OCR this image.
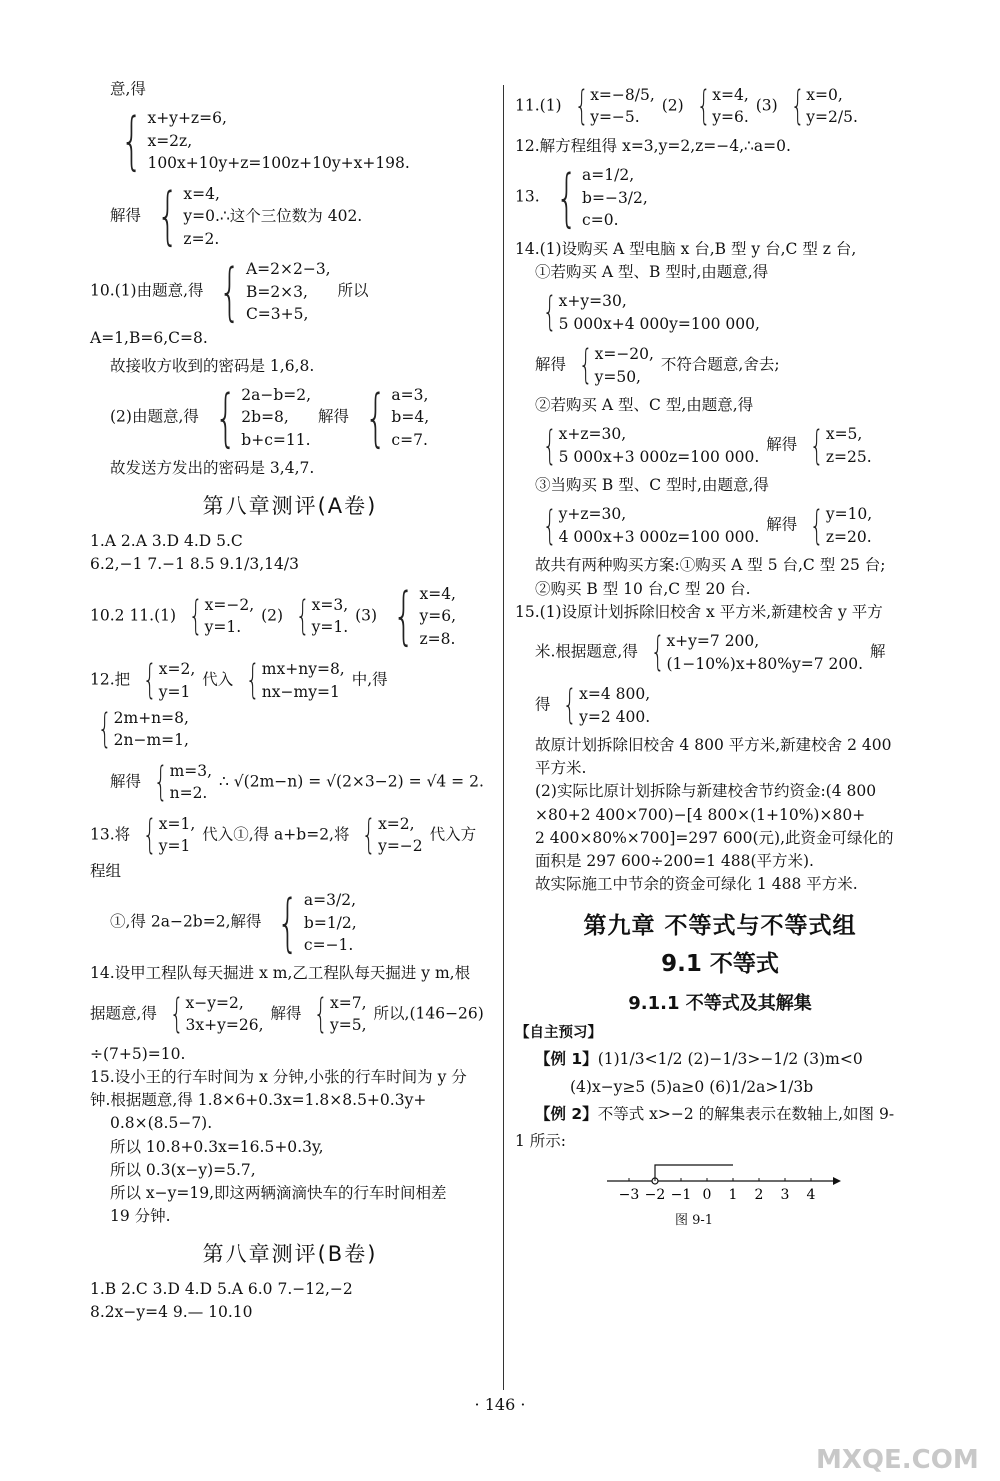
意,得

{ x+y+z=6,
x=2z,
100x+10y+z=100z+10y+x+198.
解得
{ x=4,
y=0.∴这个三位数为 402.
z=2.
10.(1)由题意,得
{ A=2×2−3,
B=2×3,
C=3+5,
所以 A=1,B=6,C=8.

故接收方收到的密码是 1,6,8.

(2)由题意,得
{ 2a−b=2,
2b=8,
b+c=11.
解得
{ a=3,
b=4,
c=7.

故发送方发出的密码是 3,4,7.

第八章测评(A卷)

1.A 2.A 3.D 4.D 5.C

6.2,−1 7.−1 8.5 9.1/3,14/3

10.2 11.(1)
{ x=−2,
y=1.
(2)
{ x=3,
y=1.
(3)
{ x=4,
y=6,
z=8.
12.把
{ x=2,
y=1
代入
{ mx+ny=8,
nx−my=1
中,得
{ 2m+n=8,
2n−m=1,
解得
{ m=3,
n=2.
∴ √(2m−n) = √(2×3−2) = √4 = 2.
13.将
{ x=1,
y=1
代入①,得 a+b=2,将
{ x=2,
y=−2
代入方程组
①,得 2a−2b=2,解得
{ a=3/2,
b=1/2,
c=−1.

14.设甲工程队每天掘进 x m,乙工程队每天掘进 y m,根

据题意,得
{ x−y=2,
3x+y=26,
解得
{ x=7,
y=5,
所以,(146−26)

÷(7+5)=10.

15.设小王的行车时间为 x 分钟,小张的行车时间为 y 分

钟.根据题意,得 1.8×6+0.3x=1.8×8.5+0.3y+

0.8×(8.5−7).

所以 10.8+0.3x=16.5+0.3y,

所以 0.3(x−y)=5.7,

所以 x−y=19,即这两辆滴滴快车的行车时间相差

19 分钟.

第八章测评(B卷)

1.B 2.C 3.D 4.D 5.A 6.0 7.−12,−2

8.2x−y=4 9.— 10.10

11.(1)
{ x=−8/5,
y=−5.
(2)
{ x=4,
y=6.
(3)
{ x=0,
y=2/5.

12.解方程组得 x=3,y=2,z=−4,∴a=0.

13.
{ a=1/2,
b=−3/2,
c=0.

14.(1)设购买 A 型电脑 x 台,B 型 y 台,C 型 z 台,

①若购买 A 型、B 型时,由题意,得

{ x+y=30,
5 000x+4 000y=100 000,
解得
{ x=−20,
y=50,
不符合题意,舍去;

②若购买 A 型、C 型,由题意,得

{ x+z=30,
5 000x+3 000z=100 000.
解得
{ x=5,
z=25.

③当购买 B 型、C 型时,由题意,得

{ y+z=30,
4 000x+3 000z=100 000.
解得
{ y=10,
z=20.

故共有两种购买方案:①购买 A 型 5 台,C 型 25 台;

②购买 B 型 10 台,C 型 20 台.

15.(1)设原计划拆除旧校舍 x 平方米,新建校舍 y 平方

米.根据题意,得
{ x+y=7 200,
(1−10%)x+80%y=7 200.
解
得
{ x=4 800,
y=2 400.

故原计划拆除旧校舍 4 800 平方米,新建校舍 2 400

平方米.

(2)实际比原计划拆除与新建校舍节约资金:(4 800

×80+2 400×700)−[4 800×(1+10%)×80+

2 400×80%×700]=297 600(元),此资金可绿化的

面积是 297 600÷200=1 488(平方米).

故实际施工中节余的资金可绿化 1 488 平方米.

第九章 不等式与不等式组
9.1 不等式
9.1.1 不等式及其解集
【自主预习】
【例 1】(1)1/3<1/2 (2)−1/3>−1/2 (3)m<0

(4)x−y≥5 (5)a≥0 (6)1/2a>1/3b

【例 2】不等式 x>−2 的解集表示在数轴上,如图 9-

1 所示:

−3 −2 −1 0 1 2 3 4
图 9-1
· 146 ·
MXQE.COM
